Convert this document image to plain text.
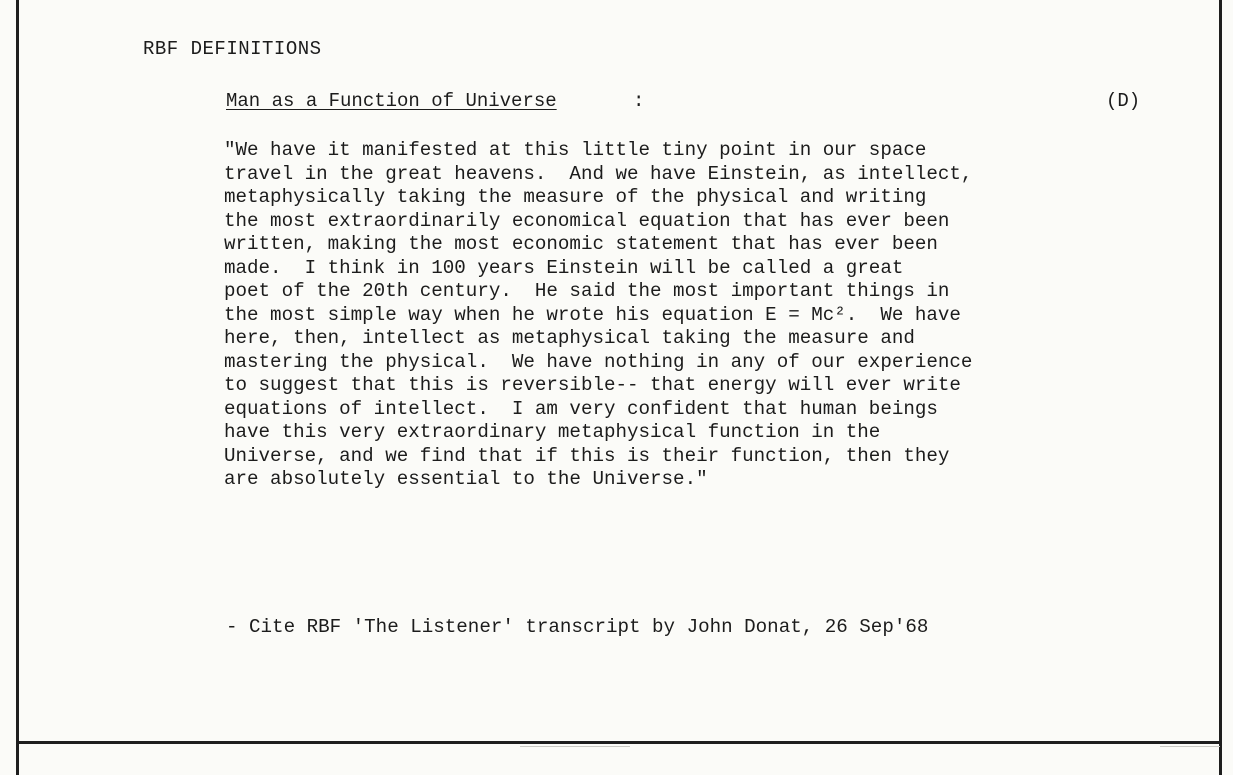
RBF DEFINITIONS
Man as a Function of Universe	:	(D)
"We have it manifested at this little tiny point in our space
travel in the great heavens.  And we have Einstein, as intellect,
metaphysically taking the measure of the physical and writing
the most extraordinarily economical equation that has ever been
written, making the most economic statement that has ever been
made.  I think in 100 years Einstein will be called a great
poet of the 20th century.  He said the most important things in
the most simple way when he wrote his equation E = Mc².  We have
here, then, intellect as metaphysical taking the measure and
mastering the physical.  We have nothing in any of our experience
to suggest that this is reversible-- that energy will ever write
equations of intellect.  I am very confident that human beings
have this very extraordinary metaphysical function in the
Universe, and we find that if this is their function, then they
are absolutely essential to the Universe."
- Cite RBF 'The Listener' transcript by John Donat, 26 Sep'68
